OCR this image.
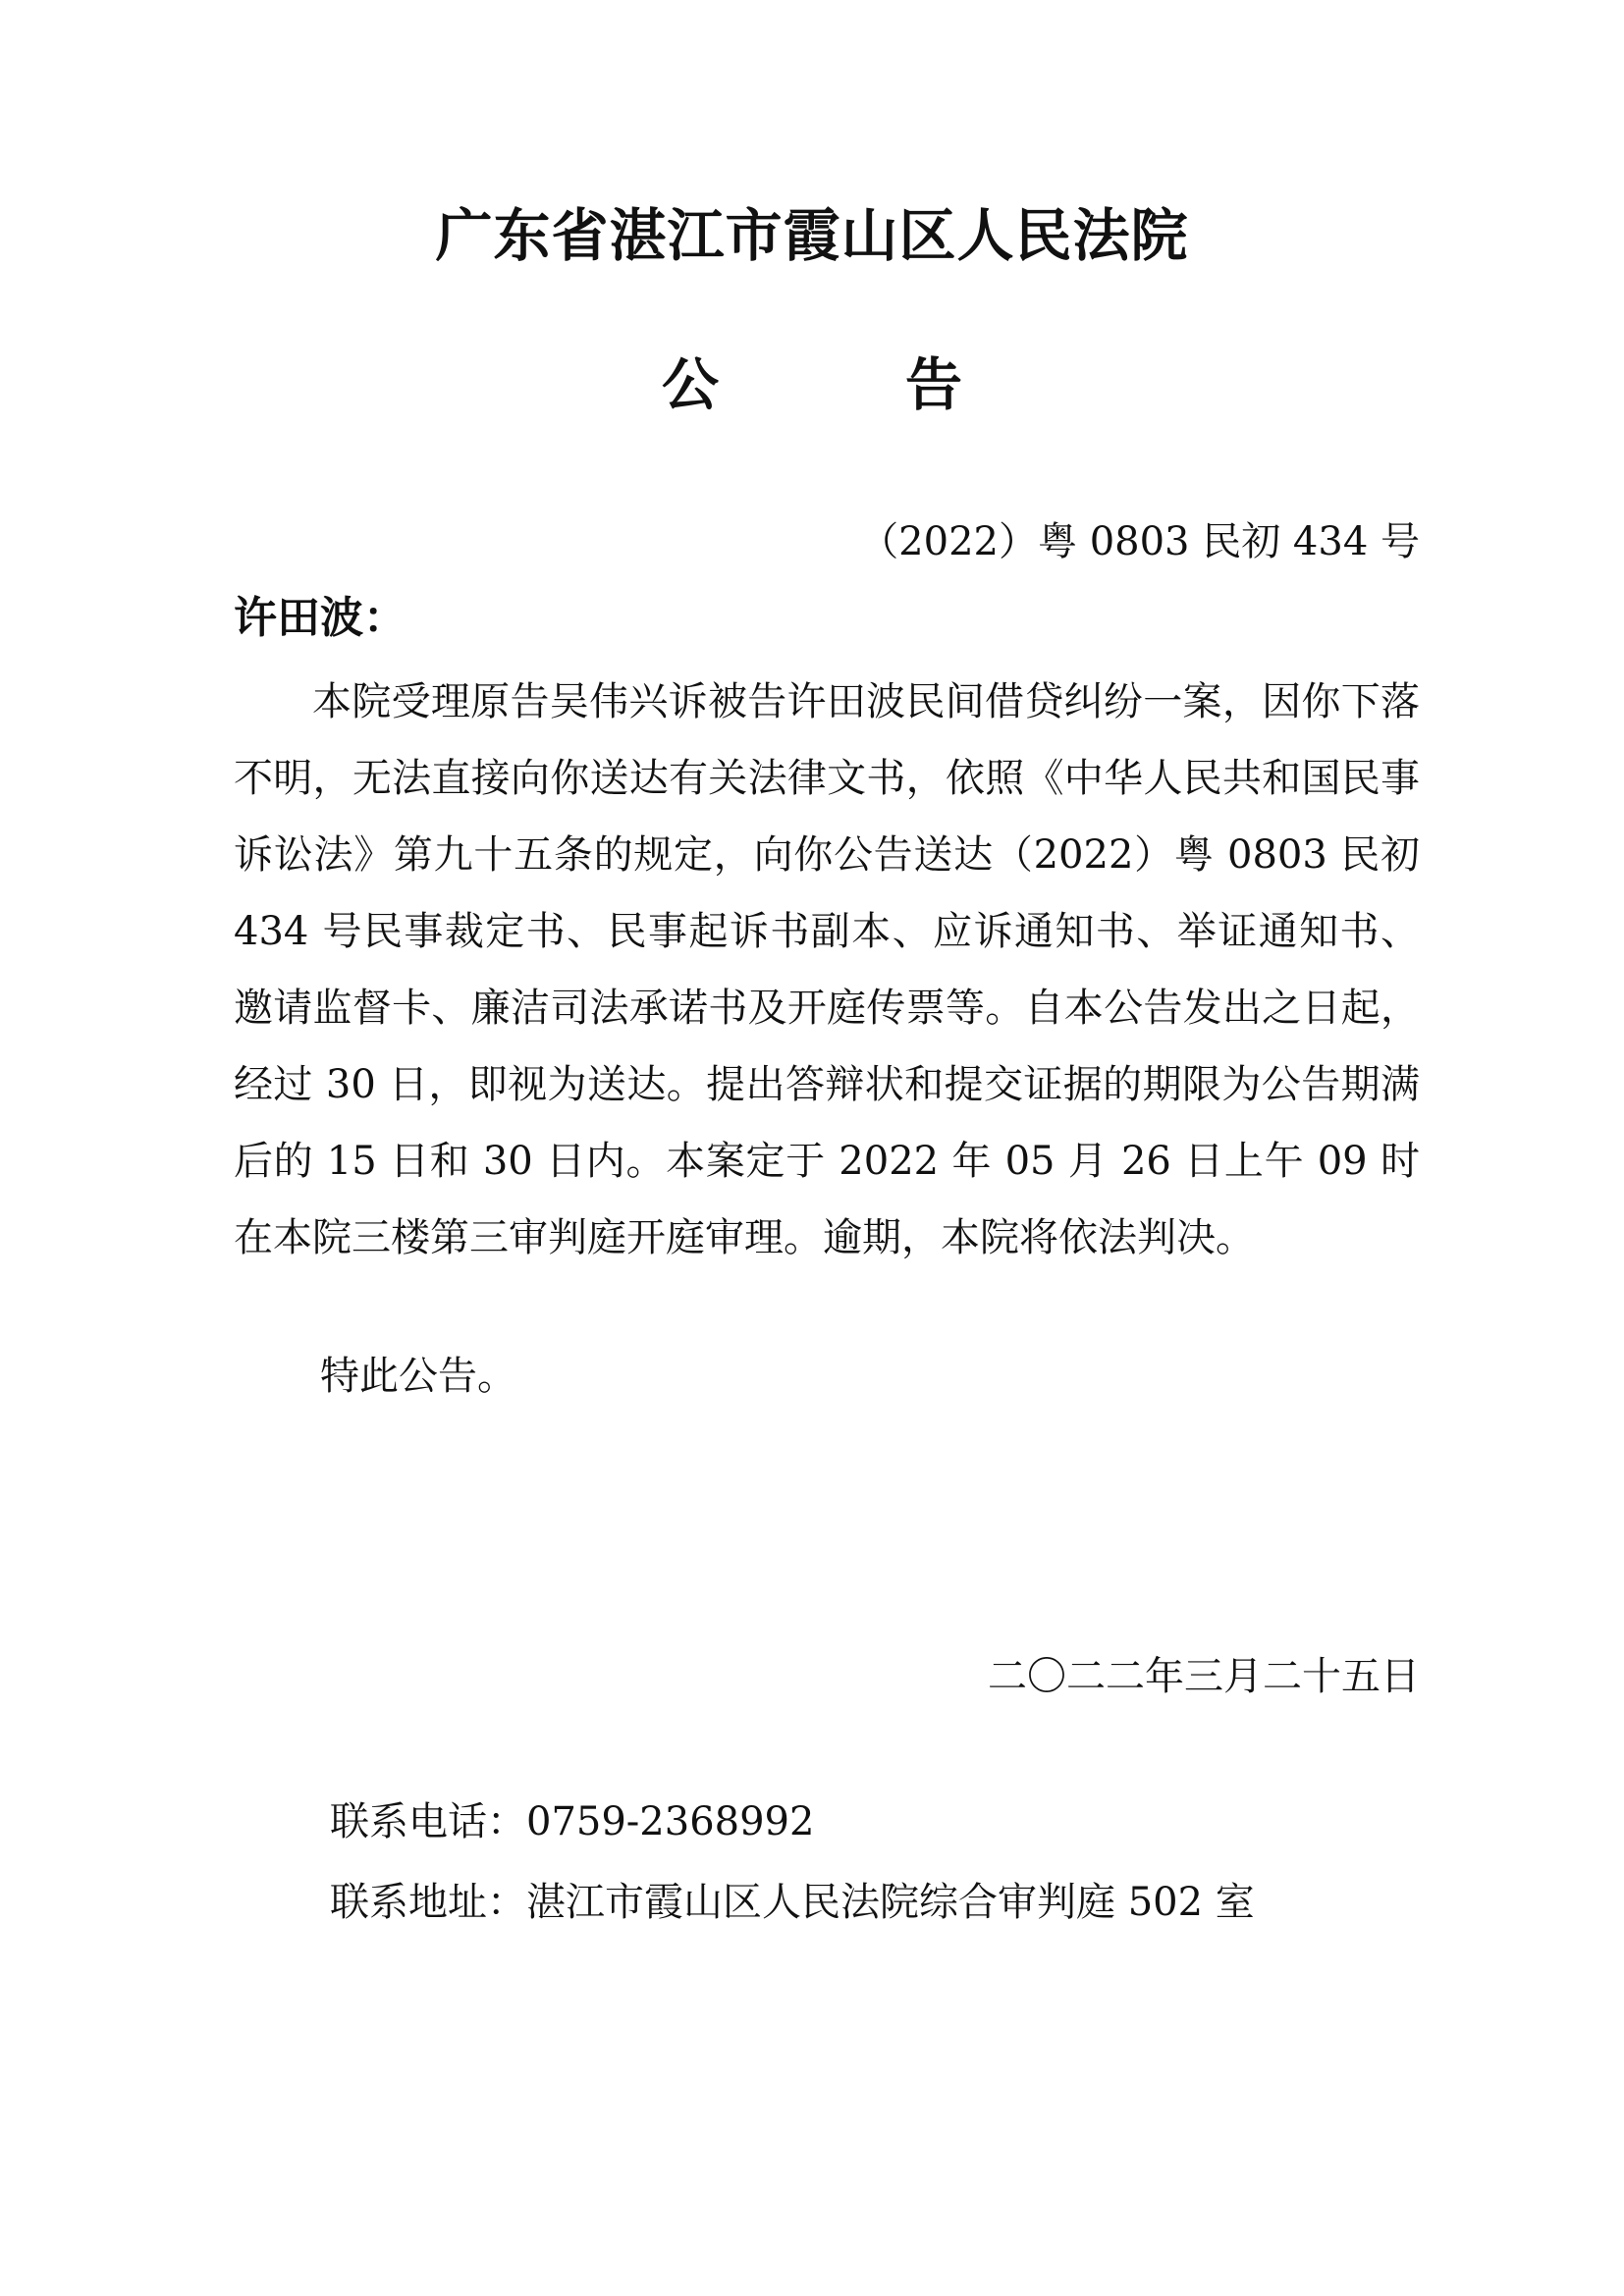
广东省湛江市霞山区人民法院
公	告
（2022）粤 0803 民初 434 号
许田波：

本院受理原告吴伟兴诉被告许田波民间借贷纠纷一案，因你下落不明，无法直接向你送达有关法律文书，依照《中华人民共和国民事诉讼法》第九十五条的规定，向你公告送达（2022）粤 0803 民初 434 号民事裁定书、民事起诉书副本、应诉通知书、举证通知书、邀请监督卡、廉洁司法承诺书及开庭传票等。自本公告发出之日起，经过 30 日，即视为送达。提出答辩状和提交证据的期限为公告期满后的 15 日和 30 日内。本案定于 2022 年 05 月 26 日上午 09 时在本院三楼第三审判庭开庭审理。逾期，本院将依法判决。

特此公告。
二〇二二年三月二十五日
联系电话：0759-2368992
联系地址：湛江市霞山区人民法院综合审判庭 502 室
